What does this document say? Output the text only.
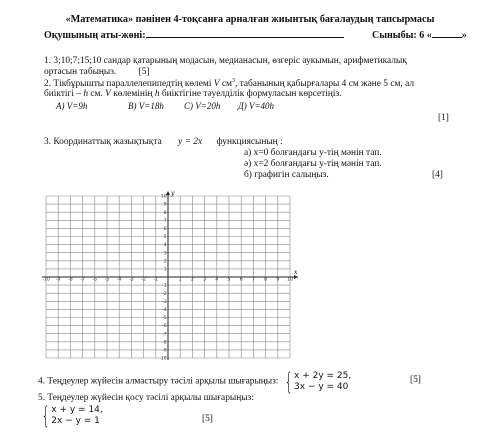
«Математика» пәнінен 4-тоқсанға арналған жиынтық бағалаудың тапсырмасы
Оқушының аты-жөні:	Сыныбы: 6 «	»
1. 3;10;7;15;10 сандар қатарының модасын, медианасын, өзгеріс аукымын, арифметикалық
ортасын табыңыз. [5]
2. Тікбұрышты параллелепипедтің көлемі V $см^3$, табанының қабырғалары 4 см және 5 см, ал
биіктігі – h см. V көлемінің h биіктігіне тәуелділік формуласын көрсетіңіз.
А) V=9h	В) V=18h С) V=20h Д) V=40h
[1]
3. Координаттық жазықтықта y = 2x функциясының :
а) x=0 болғандағы y-тің мәнін тап.
ә) x=2 болғандағы y-тің мәнін тап.
б) графигін салыңыз.	[4]
-10 -9 -8 -7 -6 -5 -4 -3 -2 -1	1 2 3 4 5 6 7 8 9 10
-10
-9
-8
-7
-6
-5
-4
-3
-2
-1
1
2
3
4
5
6
7
8
9
10
x
y
4. Теңдеулер жүйесін алмастыру тәсілі арқылы шығарыңыз: { x + 2y = 25,
3x − y = 40
[5]
5. Теңдеулер жүйесін қосу тәсілі арқылы шығарыңыз:
{ x + y = 14,
2x − y = 1	[5]
